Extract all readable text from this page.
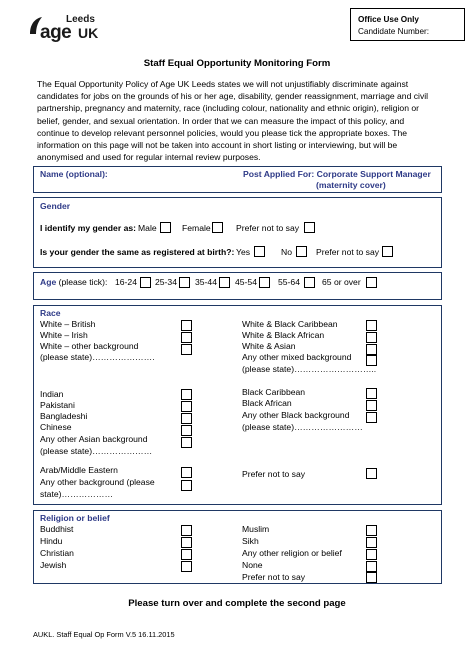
Leeds
age UK
Office Use Only
Candidate Number:
Staff Equal Opportunity Monitoring Form
The Equal Opportunity Policy of Age UK Leeds states we will not unjustifiably discriminate against
candidates for jobs on the grounds of his or her age, disability, gender reassignment, marriage and civil
partnership, pregnancy and maternity, race (including colour, nationality and ethnic origin), religion or
belief, gender, and sexual orientation. In order that we can measure the impact of this policy, and
continue to develop relevant personnel policies, would you please tick the appropriate boxes. The
information on this page will not be taken into account in short listing or interviewing, but will be
anonymised and used for regular internal review purposes.
Name (optional):	Post Applied For: Corporate Support Manager
(maternity cover)
Gender
I identify my gender as: Male	Female	Prefer not to say
Is your gender the same as registered at birth?: Yes	No	Prefer not to say
Age (please tick): 16-24 25-34 35-44 45-54 55-64	65 or over
Race
White – British
White – Irish
White – other background
(please state)………………….
Indian
Pakistani
Bangladeshi
Chinese
Any other Asian background
(please state)…………………
Arab/Middle Eastern
Any other background (please
state)………………
White & Black Caribbean
White & Black African
White & Asian
Any other mixed background
(please state)………………………..
Black Caribbean
Black African
Any other Black background
(please state)……………………
Prefer not to say
Religion or belief
Buddhist
Hindu
Christian
Jewish
Muslim
Sikh
Any other religion or belief
None
Prefer not to say
Please turn over and complete the second page
AUKL. Staff Equal Op Form V.5 16.11.2015
